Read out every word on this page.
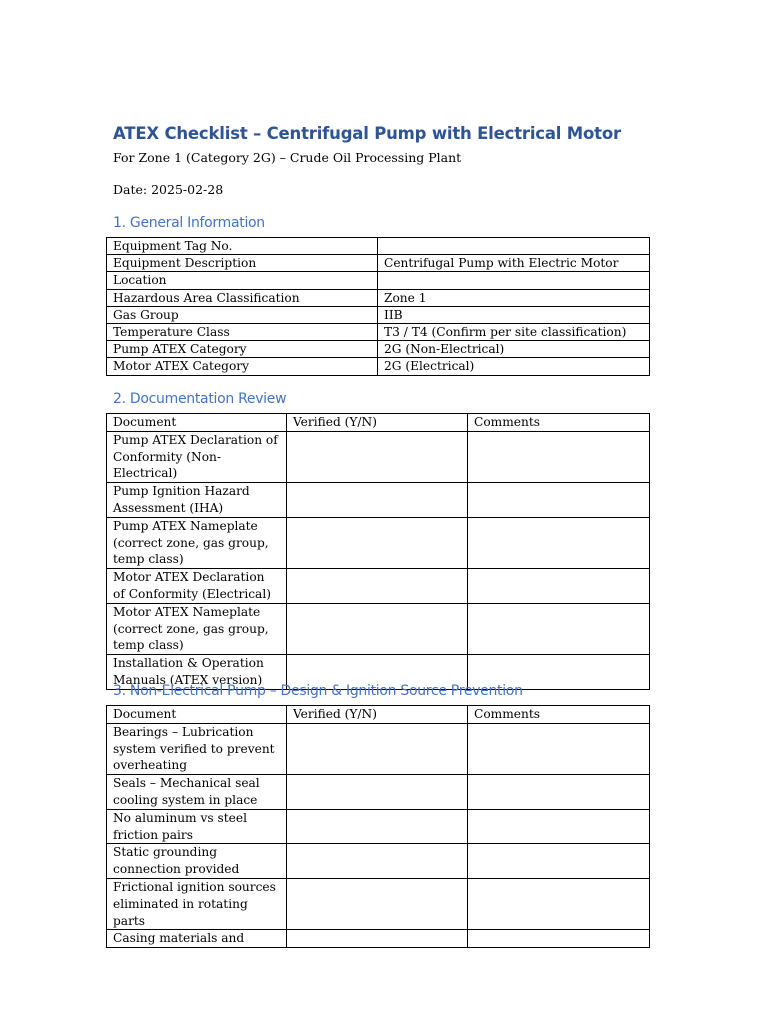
ATEX Checklist – Centrifugal Pump with Electrical Motor

For Zone 1 (Category 2G) – Crude Oil Processing Plant

Date: 2025-02-28

1. General Information
Equipment Tag No.	
Equipment Description	Centrifugal Pump with Electric Motor
Location	
Hazardous Area Classification	Zone 1
Gas Group	IIB
Temperature Class	T3 / T4 (Confirm per site classification)
Pump ATEX Category	2G (Non-Electrical)
Motor ATEX Category	2G (Electrical)
2. Documentation Review
Document	Verified (Y/N)	Comments
Pump ATEX Declaration of Conformity (Non-Electrical)		
Pump Ignition Hazard Assessment (IHA)		
Pump ATEX Nameplate (correct zone, gas group, temp class)		
Motor ATEX Declaration of Conformity (Electrical)		
Motor ATEX Nameplate (correct zone, gas group, temp class)		
Installation & Operation Manuals (ATEX version)		
3. Non-Electrical Pump – Design & Ignition Source Prevention
Document	Verified (Y/N)	Comments
Bearings – Lubrication system verified to prevent overheating		
Seals – Mechanical seal cooling system in place		
No aluminum vs steel friction pairs		
Static grounding connection provided		
Frictional ignition sources eliminated in rotating parts		
Casing materials and		
